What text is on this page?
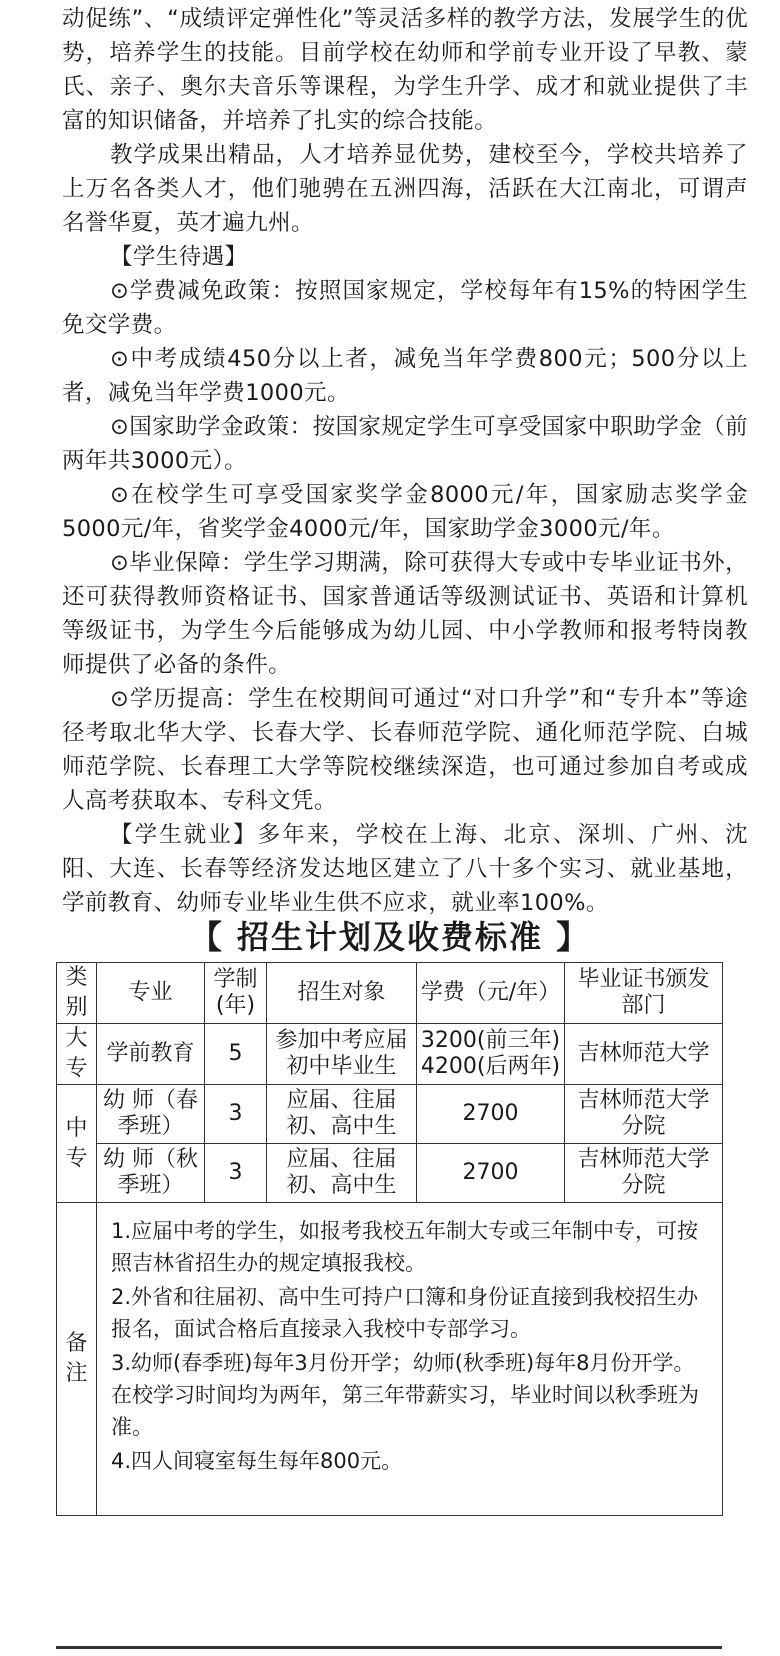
动促练”、“成绩评定弹性化”等灵活多样的教学方法，发展学生的优势，培养学生的技能。目前学校在幼师和学前专业开设了早教、蒙氏、亲子、奥尔夫音乐等课程，为学生升学、成才和就业提供了丰富的知识储备，并培养了扎实的综合技能。

教学成果出精品，人才培养显优势，建校至今，学校共培养了上万名各类人才，他们驰骋在五洲四海，活跃在大江南北，可谓声名誉华夏，英才遍九州。

【学生待遇】

⊙学费减免政策：按照国家规定，学校每年有15%的特困学生免交学费。

⊙中考成绩450分以上者，减免当年学费800元；500分以上者，减免当年学费1000元。

⊙国家助学金政策：按国家规定学生可享受国家中职助学金（前两年共3000元）。

⊙在校学生可享受国家奖学金8000元/年，国家励志奖学金5000元/年，省奖学金4000元/年，国家助学金3000元/年。

⊙毕业保障：学生学习期满，除可获得大专或中专毕业证书外，还可获得教师资格证书、国家普通话等级测试证书、英语和计算机等级证书，为学生今后能够成为幼儿园、中小学教师和报考特岗教师提供了必备的条件。

⊙学历提高：学生在校期间可通过“对口升学”和“专升本”等途径考取北华大学、长春大学、长春师范学院、通化师范学院、白城师范学院、长春理工大学等院校继续深造，也可通过参加自考或成人高考获取本、专科文凭。

【学生就业】多年来，学校在上海、北京、深圳、广州、沈阳、大连、长春等经济发达地区建立了八十多个实习、就业基地，学前教育、幼师专业毕业生供不应求，就业率100%。

【 招生计划及收费标准 】
类别	专业	学制(年)	招生对象	学费（元/年）	毕业证书颁发部门
大专	学前教育	5	参加中考应届初中毕业生	3200(前三年) 4200(后两年)	吉林师范大学
中专	幼 师（春季班）	3	应届、往届初、高中生	2700	吉林师范大学分院
	幼 师（秋季班）	3	应届、往届初、高中生	2700	吉林师范大学分院
备注	1.应届中考的学生，如报考我校五年制大专或三年制中专，可按照吉林省招生办的规定填报我校。

2.外省和往届初、高中生可持户口簿和身份证直接到我校招生办报名，面试合格后直接录入我校中专部学习。

3.幼师(春季班)每年3月份开学；幼师(秋季班)每年8月份开学。在校学习时间均为两年，第三年带薪实习，毕业时间以秋季班为准。

4.四人间寝室每生每年800元。				
